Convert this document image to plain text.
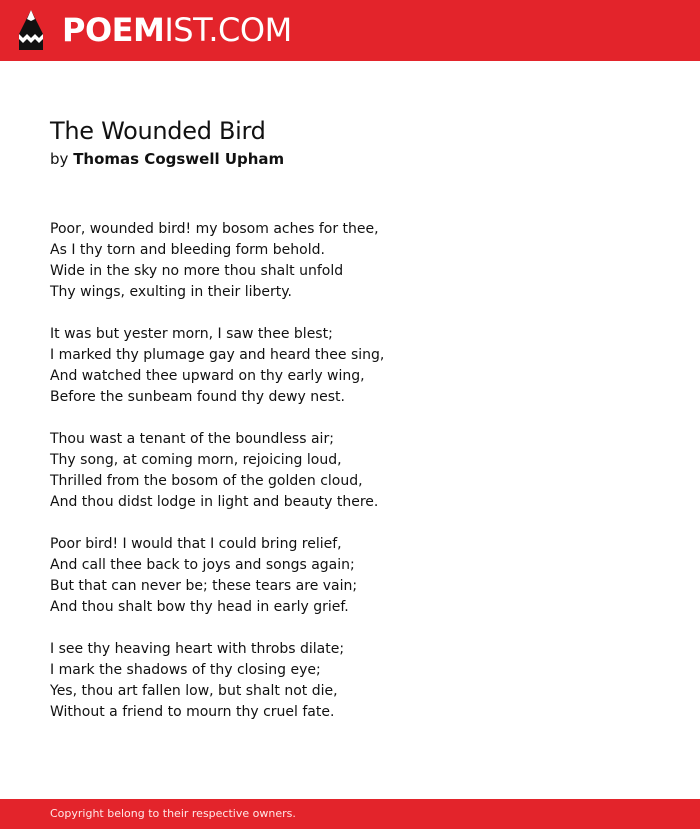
POEMIST.COM
The Wounded Bird
by Thomas Cogswell Upham
Poor, wounded bird! my bosom aches for thee,
As I thy torn and bleeding form behold.
Wide in the sky no more thou shalt unfold
Thy wings, exulting in their liberty.
It was but yester morn, I saw thee blest;
I marked thy plumage gay and heard thee sing,
And watched thee upward on thy early wing,
Before the sunbeam found thy dewy nest.
Thou wast a tenant of the boundless air;
Thy song, at coming morn, rejoicing loud,
Thrilled from the bosom of the golden cloud,
And thou didst lodge in light and beauty there.
Poor bird! I would that I could bring relief,
And call thee back to joys and songs again;
But that can never be; these tears are vain;
And thou shalt bow thy head in early grief.
I see thy heaving heart with throbs dilate;
I mark the shadows of thy closing eye;
Yes, thou art fallen low, but shalt not die,
Without a friend to mourn thy cruel fate.
Copyright belong to their respective owners.
